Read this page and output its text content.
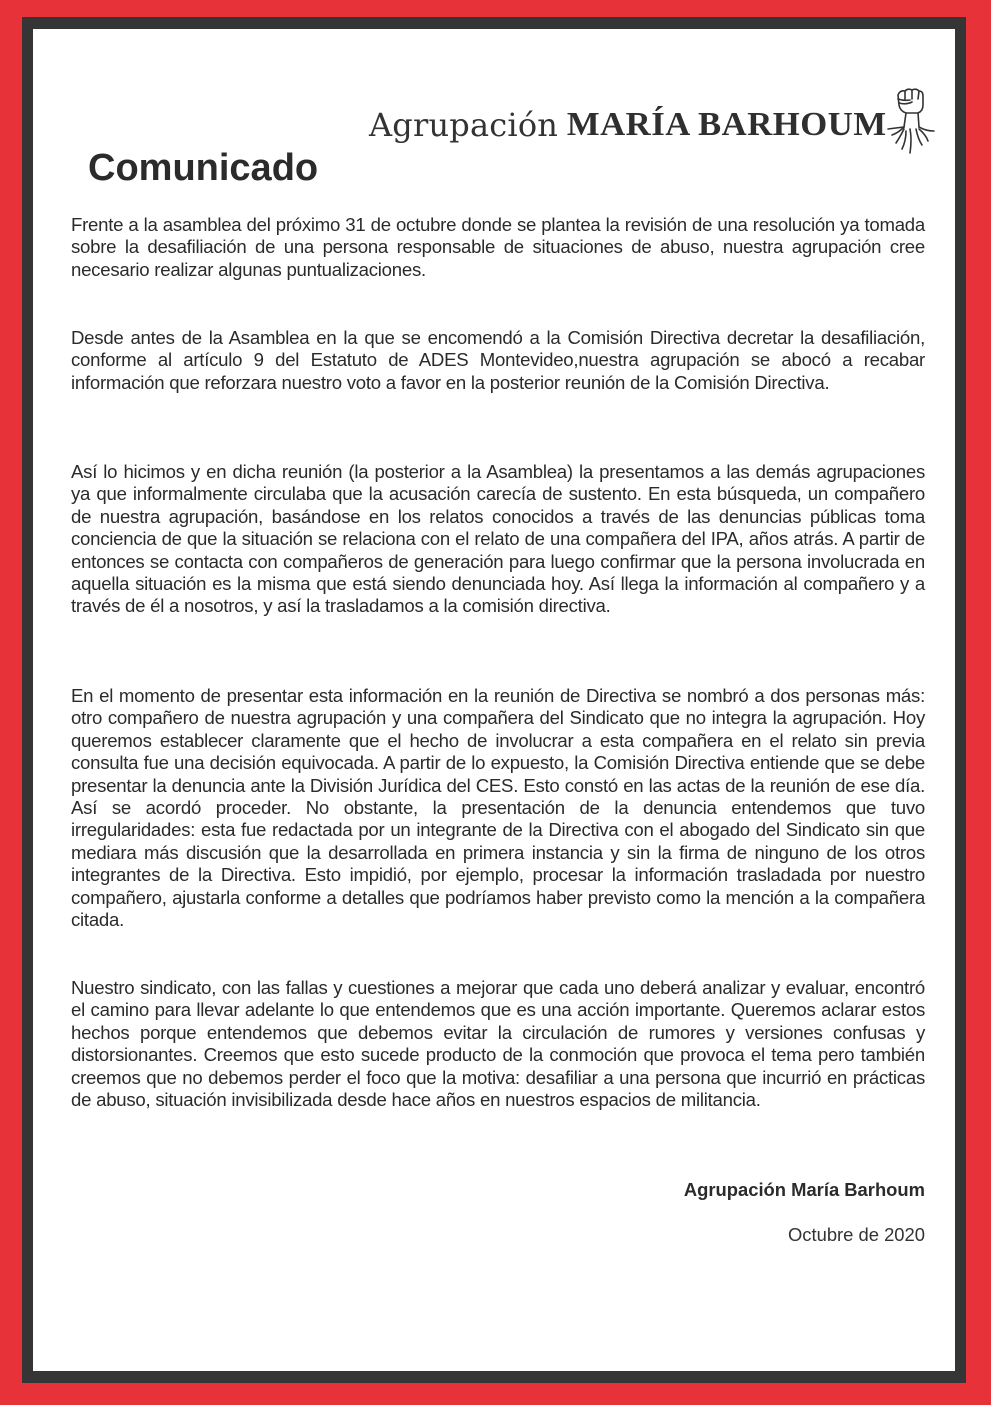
Agrupación MARÍA BARHOUM
Comunicado

Frente a la asamblea del próximo 31 de octubre donde se plantea la revisión de una resolución ya tomada sobre la desafiliación de una persona responsable de situaciones de abuso, nuestra agrupación cree necesario realizar algunas puntualizaciones.

Desde antes de la Asamblea en la que se encomendó a la Comisión Directiva decretar la desafiliación, conforme al artículo 9 del Estatuto de ADES Montevideo,nuestra agrupación se abocó a recabar información que reforzara nuestro voto a favor en la posterior reunión de la Comisión Directiva.

Así lo hicimos y en dicha reunión (la posterior a la Asamblea) la presentamos a las demás agrupaciones ya que informalmente circulaba que la acusación carecía de sustento. En esta búsqueda, un compañero de nuestra agrupación, basándose en los relatos conocidos a través de las denuncias públicas toma conciencia de que la situación se relaciona con el relato de una compañera del IPA, años atrás. A partir de entonces se contacta con compañeros de generación para luego confirmar que la persona involucrada en aquella situación es la misma que está siendo denunciada hoy. Así llega la información al compañero y a través de él a nosotros, y así la trasladamos a la comisión directiva.

En el momento de presentar esta información en la reunión de Directiva se nombró a dos personas más: otro compañero de nuestra agrupación y una compañera del Sindicato que no integra la agrupación. Hoy queremos establecer claramente que el hecho de involucrar a esta compañera en el relato sin previa consulta fue una decisión equivocada. A partir de lo expuesto, la Comisión Directiva entiende que se debe presentar la denuncia ante la División Jurídica del CES. Esto constó en las actas de la reunión de ese día. Así se acordó proceder. No obstante, la presentación de la denuncia entendemos que tuvo irregularidades: esta fue redactada por un integrante de la Directiva con el abogado del Sindicato sin que mediara más discusión que la desarrollada en primera instancia y sin la firma de ninguno de los otros integrantes de la Directiva. Esto impidió, por ejemplo, procesar la información trasladada por nuestro compañero, ajustarla conforme a detalles que podríamos haber previsto como la mención a la compañera citada.

Nuestro sindicato, con las fallas y cuestiones a mejorar que cada uno deberá analizar y evaluar, encontró el camino para llevar adelante lo que entendemos que es una acción importante. Queremos aclarar estos hechos porque entendemos que debemos evitar la circulación de rumores y versiones confusas y distorsionantes. Creemos que esto sucede producto de la conmoción que provoca el tema pero también creemos que no debemos perder el foco que la motiva: desafiliar a una persona que incurrió en prácticas de abuso, situación invisibilizada desde hace años en nuestros espacios de militancia.

Agrupación María Barhoum
Octubre de 2020
